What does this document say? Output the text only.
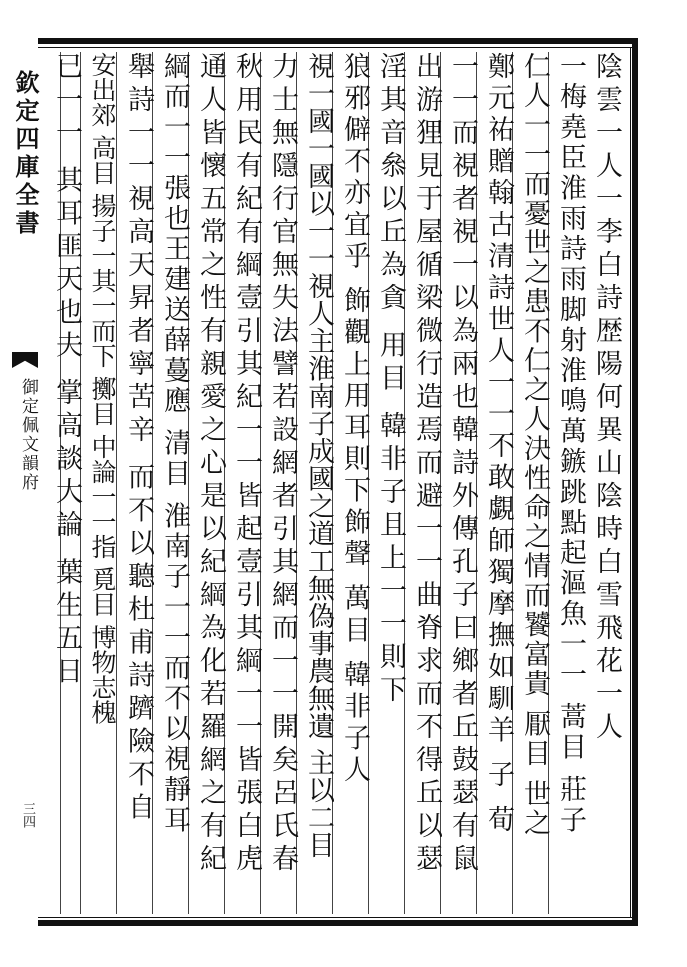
欽定四庫全書
御定佩文韻府
三四
陰雲一人一李白詩歴陽何異山陰時白雪飛花一人
一梅堯臣淮雨詩雨脚射淮鳴萬鏃跳點起漚魚一一 蒿目 莊子
仁人一一而憂世之患不仁之人決性命之情而饕富貴 厭目 世之
鄭元祐贈翰古清詩世人一一不敢覷師獨摩撫如馴羊 子 荀
一一而視者視一以為兩也韓詩外傳孔子曰鄉者丘鼓瑟有鼠
出游狸見于屋循梁微行造焉而避一一曲脊求而不得丘以瑟
淫其音叅以丘為貪 用目 韓非子且上一一則下
狼邪僻不亦宜乎 飾觀上用耳則下飾聲 萬目 韓非子人
視一國一國以一一視人主淮南子成國之道工無偽事農無遺 主以二目
力士無隱行官無失法譬若設網者引其網而一一開矣呂氏春
秋用民有紀有綱壹引其紀一一皆起壹引其綱一一皆張白虎
通人皆懷五常之性有親愛之心是以紀綱為化若羅網之有紀
綱而一一張也王建送薛蔓應 清目 淮南子一一而不以視靜耳
舉詩一一視高天昇者寧苦辛 而不以聽杜甫詩躋險不自
安出郊 高目 揚子一其一而下 擲目 中論一一指 覓目 博物志槐
已一一 其耳匪天也夫 掌高談大論 葉生五日
